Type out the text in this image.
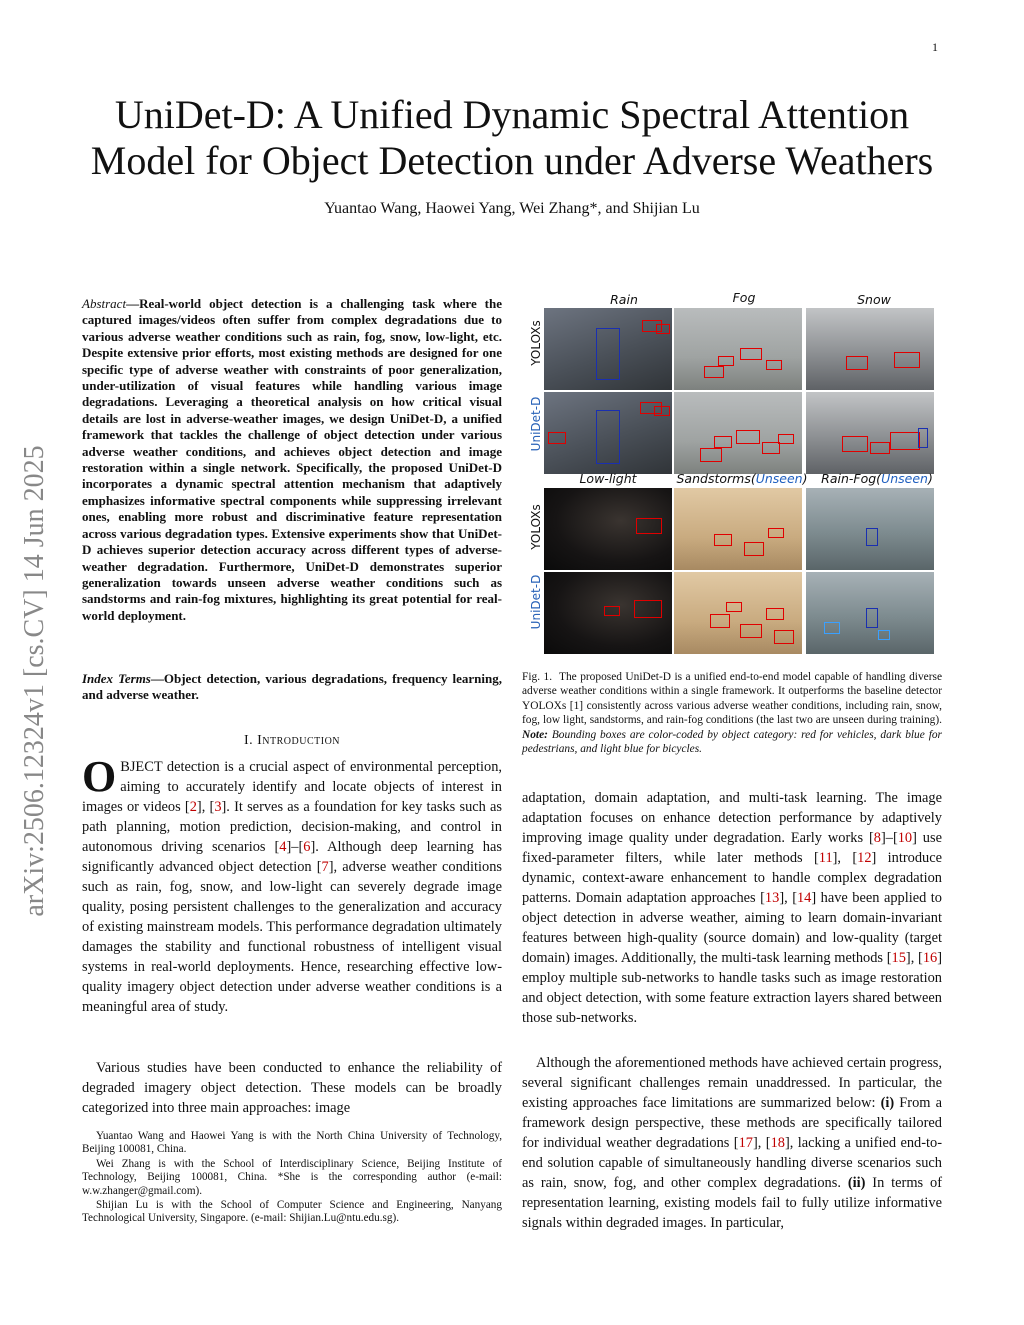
1
UniDet-D: A Unified Dynamic Spectral Attention Model for Object Detection under Adverse Weathers
Yuantao Wang, Haowei Yang, Wei Zhang*, and Shijian Lu
arXiv:2506.12324v1 [cs.CV] 14 Jun 2025
Abstract—Real-world object detection is a challenging task where the captured images/videos often suffer from complex degradations due to various adverse weather conditions such as rain, fog, snow, low-light, etc. Despite extensive prior efforts, most existing methods are designed for one specific type of adverse weather with constraints of poor generalization, under-utilization of visual features while handling various image degradations. Leveraging a theoretical analysis on how critical visual details are lost in adverse-weather images, we design UniDet-D, a unified framework that tackles the challenge of object detection under various adverse weather conditions, and achieves object detection and image restoration within a single network. Specifically, the proposed UniDet-D incorporates a dynamic spectral attention mechanism that adaptively emphasizes informative spectral components while suppressing irrelevant ones, enabling more robust and discriminative feature representation across various degradation types. Extensive experiments show that UniDet-D achieves superior detection accuracy across different types of adverse-weather degradation. Furthermore, UniDet-D demonstrates superior generalization towards unseen adverse weather conditions such as sandstorms and rain-fog mixtures, highlighting its great potential for real-world deployment.
Index Terms—Object detection, various degradations, frequency learning, and adverse weather.
I. Introduction
OBJECT detection is a crucial aspect of environmental perception, aiming to accurately identify and locate objects of interest in images or videos [2], [3]. It serves as a foundation for key tasks such as path planning, motion prediction, decision-making, and control in autonomous driving scenarios [4]–[6]. Although deep learning has significantly advanced object detection [7], adverse weather conditions such as rain, fog, snow, and low-light can severely degrade image quality, posing persistent challenges to the generalization and accuracy of existing mainstream models. This performance degradation ultimately damages the stability and functional robustness of intelligent visual systems in real-world deployments. Hence, researching effective low-quality imagery object detection under adverse weather conditions is a meaningful area of study.
Various studies have been conducted to enhance the reliability of degraded imagery object detection. These models can be broadly categorized into three main approaches: image

Yuantao Wang and Haowei Yang is with the North China University of Technology, Beijing 100081, China.

Wei Zhang is with the School of Interdisciplinary Science, Beijing Institute of Technology, Beijing 100081, China. *She is the corresponding author (e-mail: w.w.zhanger@gmail.com).

Shijian Lu is with the School of Computer Science and Engineering, Nanyang Technological University, Singapore. (e-mail: Shijian.Lu@ntu.edu.sg).

Rain	Fog	Snow
YOLOXs
UniDet-D
YOLOXs
UniDet-D
Low-light	Sandstorms(Unseen)	Rain-Fog(Unseen)
Fig. 1. The proposed UniDet-D is a unified end-to-end model capable of handling diverse adverse weather conditions within a single framework. It outperforms the baseline detector YOLOXs [1] consistently across various adverse weather conditions, including rain, snow, fog, low light, sandstorms, and rain-fog conditions (the last two are unseen during training). Note: Bounding boxes are color-coded by object category: red for vehicles, dark blue for pedestrians, and light blue for bicycles.
adaptation, domain adaptation, and multi-task learning. The image adaptation focuses on enhance detection performance by adaptively improving image quality under degradation. Early works [8]–[10] use fixed-parameter filters, while later methods [11], [12] introduce dynamic, context-aware enhancement to handle complex degradation patterns. Domain adaptation approaches [13], [14] have been applied to object detection in adverse weather, aiming to learn domain-invariant features between high-quality (source domain) and low-quality (target domain) images. Additionally, the multi-task learning methods [15], [16] employ multiple sub-networks to handle tasks such as image restoration and object detection, with some feature extraction layers shared between those sub-networks.
Although the aforementioned methods have achieved certain progress, several significant challenges remain unaddressed. In particular, the existing approaches face limitations are summarized below: (i) From a framework design perspective, these methods are specifically tailored for individual weather degradations [17], [18], lacking a unified end-to-end solution capable of simultaneously handling diverse scenarios such as rain, snow, fog, and other complex degradations. (ii) In terms of representation learning, existing models fail to fully utilize informative signals within degraded images. In particular,
